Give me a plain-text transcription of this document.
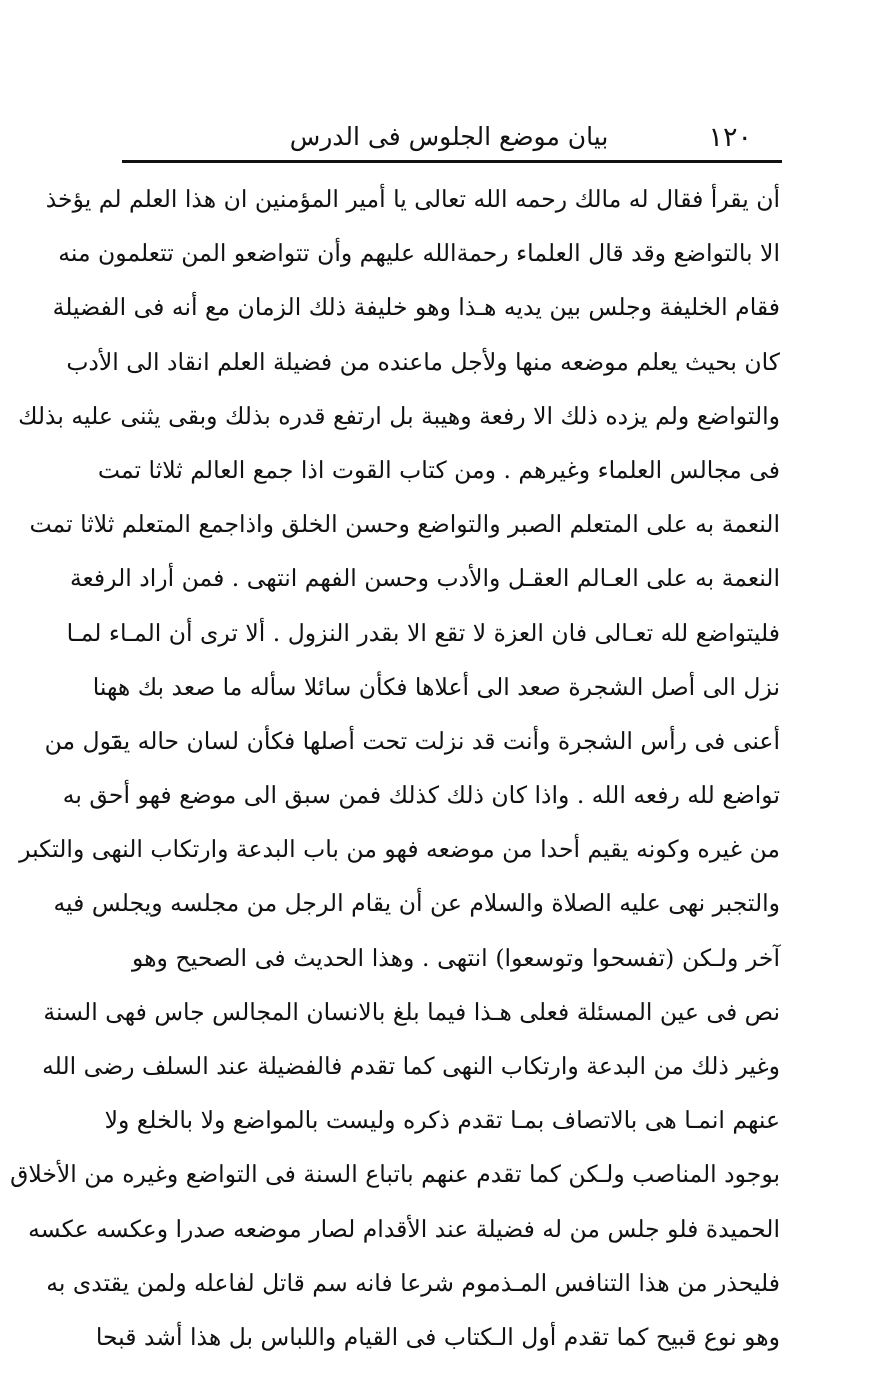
١٢٠
بيان موضع الجلوس فى الدرس
أن يقرأ فقال له مالك رحمه الله تعالى يا أمير المؤمنين ان هذا العلم لم يؤخذ
الا بالتواضع وقد قال العلماء رحمةالله عليهم وأن تتواضعو المن تتعلمون منه
فقام الخليفة وجلس بين يديه هـذا وهو خليفة ذلك الزمان مع أنه فى الفضيلة
كان بحيث يعلم موضعه منها ولأجل ماعنده من فضيلة العلم انقاد الى الأدب
والتواضع ولم يزده ذلك الا رفعة وهيبة بل ارتفع قدره بذلك وبقى يثنى عليه بذلك
فى مجالس العلماء وغيرهم . ومن كتاب القوت اذا جمع العالم ثلاثا تمت
النعمة به على المتعلم الصبر والتواضع وحسن الخلق واذاجمع المتعلم ثلاثا تمت
النعمة به على العـالم العقـل والأدب وحسن الفهم انتهى . فمن أراد الرفعة
فليتواضع لله تعـالى فان العزة لا تقع الا بقدر النزول . ألا ترى أن المـاء لمـا
نزل الى أصل الشجرة صعد الى أعلاها فكأن سائلا سأله ما صعد بك ههنا
أعنى فى رأس الشجرة وأنت قد نزلت تحت أصلها فكأن لسان حاله يقول من
تواضع لله رفعه الله . واذا كان ذلك كذلك فمن سبق الى موضع فهو أحق به
من غيره وكونه يقيم أحدا من موضعه فهو من باب البدعة وارتكاب النهى والتكبر
والتجبر نهى عليه الصلاة والسلام عن أن يقام الرجل من مجلسه ويجلس فيه
آخر ولـكن (تفسحوا وتوسعوا) انتهى . وهذا الحديث فى الصحيح وهو
نص فى عين المسئلة فعلى هـذا فيما بلغ بالانسان المجالس جاس فهى السنة
وغير ذلك من البدعة وارتكاب النهى كما تقدم فالفضيلة عند السلف رضى الله
عنهم انمـا هى بالاتصاف بمـا تقدم ذكره وليست بالمواضع ولا بالخلع ولا
بوجود المناصب ولـكن كما تقدم عنهم باتباع السنة فى التواضع وغيره من الأخلاق
الحميدة فلو جلس من له فضيلة عند الأقدام لصار موضعه صدرا وعكسه عكسه
فليحذر من هذا التنافس المـذموم شرعا فانه سم قاتل لفاعله ولمن يقتدى به
وهو نوع قبيح كما تقدم أول الـكتاب فى القيام واللباس بل هذا أشد قبحا
